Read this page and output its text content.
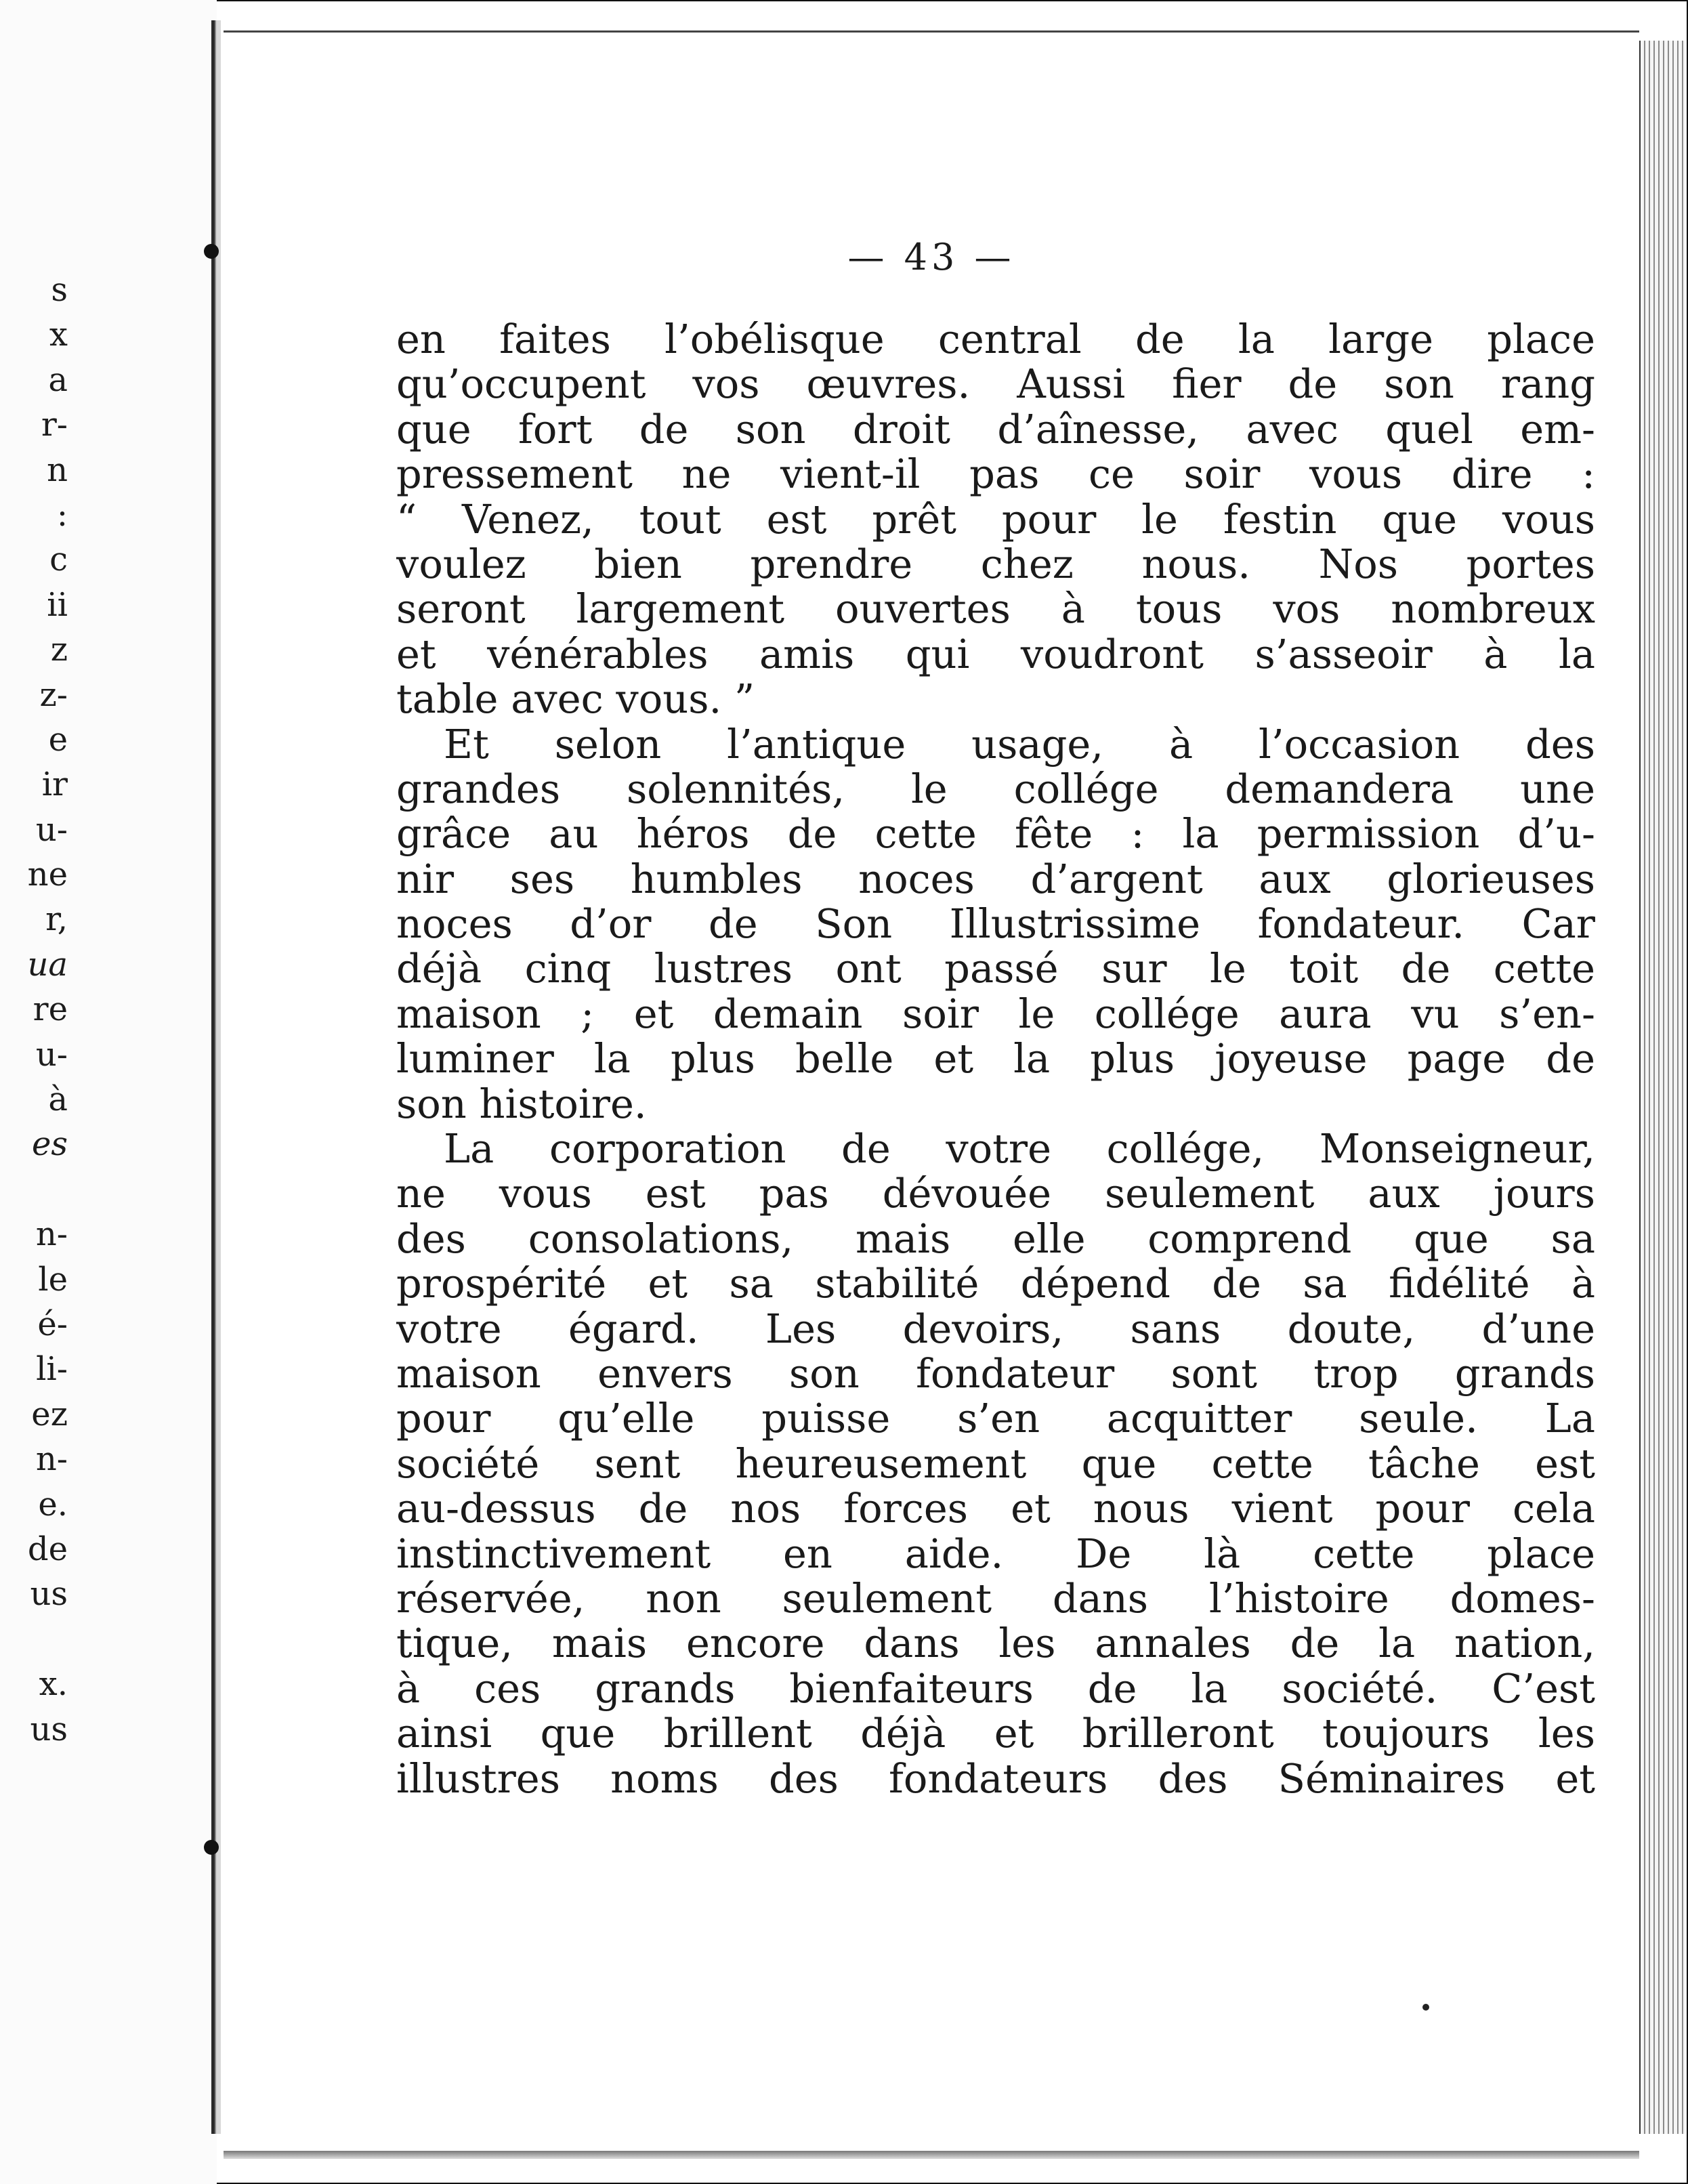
s
x
a
r-
n
:
c
ii
z
z-
e
ir
u-
ne
r,
ua
re
u-
à
es
n-
le
é-
li-
ez
n-
e.
de
us
x.
us
— 43 —
en faites l’obélisque central de la large place
qu’occupent vos œuvres. Aussi fier de son rang
que fort de son droit d’aînesse, avec quel em-
pressement ne vient-il pas ce soir vous dire :
“ Venez, tout est prêt pour le festin que vous
voulez bien prendre chez nous. Nos portes
seront largement ouvertes à tous vos nombreux
et vénérables amis qui voudront s’asseoir à la
table avec vous. ”
Et selon l’antique usage, à l’occasion des
grandes solennités, le collége demandera une
grâce au héros de cette fête : la permission d’u-
nir ses humbles noces d’argent aux glorieuses
noces d’or de Son Illustrissime fondateur. Car
déjà cinq lustres ont passé sur le toit de cette
maison ; et demain soir le collége aura vu s’en-
luminer la plus belle et la plus joyeuse page de
son histoire.
La corporation de votre collége, Monseigneur,
ne vous est pas dévouée seulement aux jours
des consolations, mais elle comprend que sa
prospérité et sa stabilité dépend de sa fidélité à
votre égard. Les devoirs, sans doute, d’une
maison envers son fondateur sont trop grands
pour qu’elle puisse s’en acquitter seule. La
société sent heureusement que cette tâche est
au-dessus de nos forces et nous vient pour cela
instinctivement en aide. De là cette place
réservée, non seulement dans l’histoire domes-
tique, mais encore dans les annales de la nation,
à ces grands bienfaiteurs de la société. C’est
ainsi que brillent déjà et brilleront toujours les
illustres noms des fondateurs des Séminaires et
